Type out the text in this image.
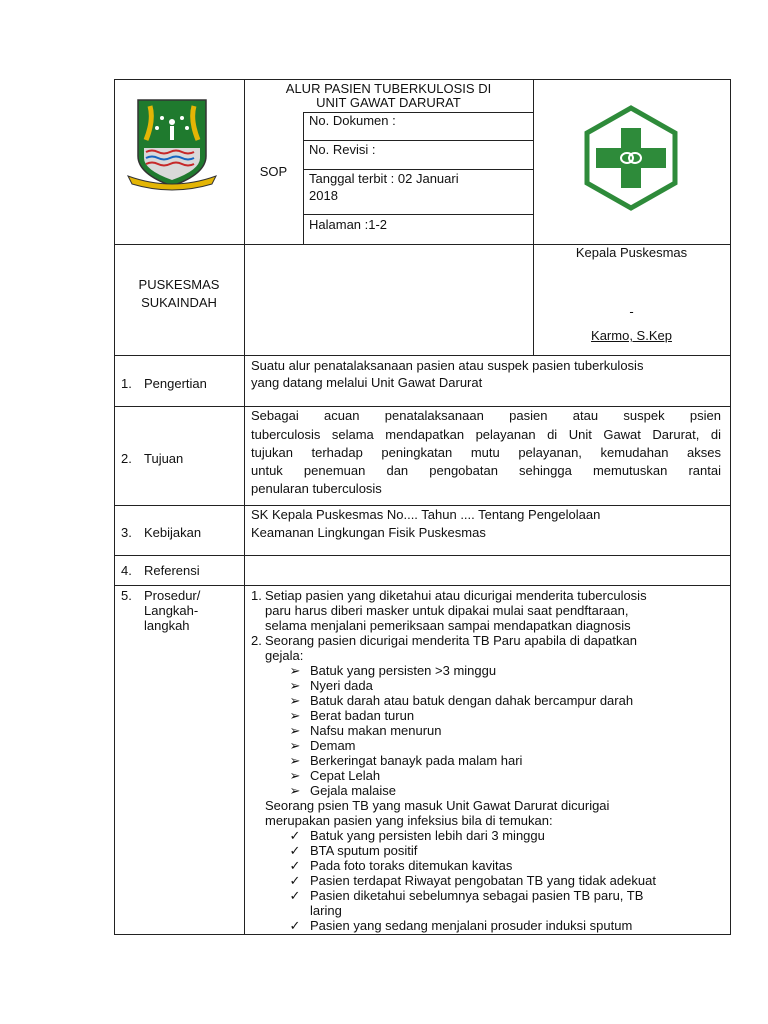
ALUR PASIEN TUBERKULOSIS DI
UNIT GAWAT DARURAT
SOP
No. Dokumen :
No. Revisi :
Tanggal terbit : 02 Januari
2018
Halaman :1-2
PUSKESMAS
SUKAINDAH
Kepala Puskesmas
-
Karmo, S.Kep
1. Pengertian
Suatu alur penatalaksanaan pasien atau suspek pasien tuberkulosis
yang datang melalui Unit Gawat Darurat
2. Tujuan
Sebagai acuan penatalaksanaan pasien atau suspek psien
tuberculosis selama mendapatkan pelayanan di Unit Gawat Darurat, di
tujukan terhadap peningkatan mutu pelayanan, kemudahan akses
untuk penemuan dan pengobatan sehingga memutuskan rantai
penularan tuberculosis
3. Kebijakan
SK Kepala Puskesmas No.... Tahun .... Tentang Pengelolaan
Keamanan Lingkungan Fisik Puskesmas
4. Referensi
5. Prosedur/
Langkah-
langkah
1. Setiap pasien yang diketahui atau dicurigai menderita tuberculosis
paru harus diberi masker untuk dipakai mulai saat pendftaraan,
selama menjalani pemeriksaan sampai mendapatkan diagnosis
2. Seorang pasien dicurigai menderita TB Paru apabila di dapatkan
gejala:
➢ Batuk yang persisten >3 minggu
➢ Nyeri dada
➢ Batuk darah atau batuk dengan dahak bercampur darah
➢ Berat badan turun
➢ Nafsu makan menurun
➢ Demam
➢ Berkeringat banayk pada malam hari
➢ Cepat Lelah
➢ Gejala malaise
Seorang psien TB yang masuk Unit Gawat Darurat dicurigai
merupakan pasien yang infeksius bila di temukan:
✓ Batuk yang persisten lebih dari 3 minggu
✓ BTA sputum positif
✓ Pada foto toraks ditemukan kavitas
✓ Pasien terdapat Riwayat pengobatan TB yang tidak adekuat
✓ Pasien diketahui sebelumnya sebagai pasien TB paru, TB
laring
✓ Pasien yang sedang menjalani prosuder induksi sputum
